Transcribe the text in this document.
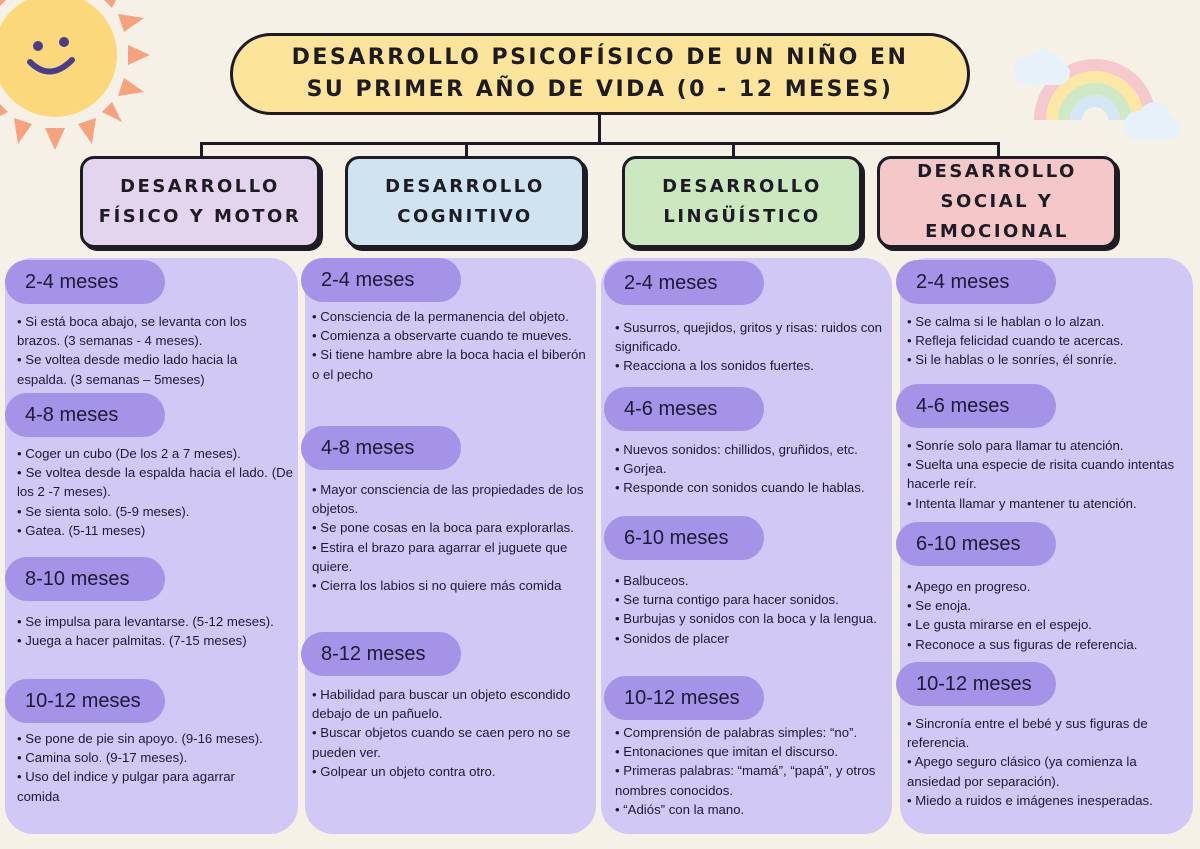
DESARROLLO PSICOFÍSICO DE UN NIÑO EN
SU PRIMER AÑO DE VIDA (0 - 12 MESES)
DESARROLLO
FÍSICO Y MOTOR
DESARROLLO
COGNITIVO
DESARROLLO
LINGÜÍSTICO
DESARROLLO
SOCIAL Y
EMOCIONAL
2-4 meses
• Si está boca abajo, se levanta con los brazos. (3 semanas - 4 meses).
• Se voltea desde medio lado hacia la espalda. (3 semanas – 5meses)
4-8 meses
• Coger un cubo (De los 2 a 7 meses).
• Se voltea desde la espalda hacia el lado. (De los 2 -7 meses).
• Se sienta solo. (5-9 meses).
• Gatea. (5-11 meses)
8-10 meses
• Se impulsa para levantarse. (5-12 meses).
• Juega a hacer palmitas. (7-15 meses)
10-12 meses
• Se pone de pie sin apoyo. (9-16 meses).
• Camina solo. (9-17 meses).
• Uso del indice y pulgar para agarrar comida
2-4 meses
• Consciencia de la permanencia del objeto.
• Comienza a observarte cuando te mueves.
• Si tiene hambre abre la boca hacia el biberón o el pecho
4-8 meses
• Mayor consciencia de las propiedades de los objetos.
• Se pone cosas en la boca para explorarlas.
• Estira el brazo para agarrar el juguete que quiere.
• Cierra los labios si no quiere más comida
8-12 meses
• Habilidad para buscar un objeto escondido debajo de un pañuelo.
• Buscar objetos cuando se caen pero no se pueden ver.
• Golpear un objeto contra otro.
2-4 meses
• Susurros, quejidos, gritos y risas: ruidos con significado.
• Reacciona a los sonidos fuertes.
4-6 meses
• Nuevos sonidos: chillidos, gruñidos, etc.
• Gorjea.
• Responde con sonidos cuando le hablas.
6-10 meses
• Balbuceos.
• Se turna contigo para hacer sonidos.
• Burbujas y sonidos con la boca y la lengua.
• Sonidos de placer
10-12 meses
• Comprensión de palabras simples: “no”.
• Entonaciones que imitan el discurso.
• Primeras palabras: “mamá”, “papá”, y otros nombres conocidos.
• “Adiós” con la mano.
2-4 meses
• Se calma si le hablan o lo alzan.
• Refleja felicidad cuando te acercas.
• Si le hablas o le sonríes, él sonríe.
4-6 meses
• Sonríe solo para llamar tu atención.
• Suelta una especie de risita cuando intentas hacerle reír.
• Intenta llamar y mantener tu atención.
6-10 meses
• Apego en progreso.
• Se enoja.
• Le gusta mirarse en el espejo.
• Reconoce a sus figuras de referencia.
10-12 meses
• Sincronía entre el bebé y sus figuras de referencia.
• Apego seguro clásico (ya comienza la ansiedad por separación).
• Miedo a ruidos e imágenes inesperadas.
